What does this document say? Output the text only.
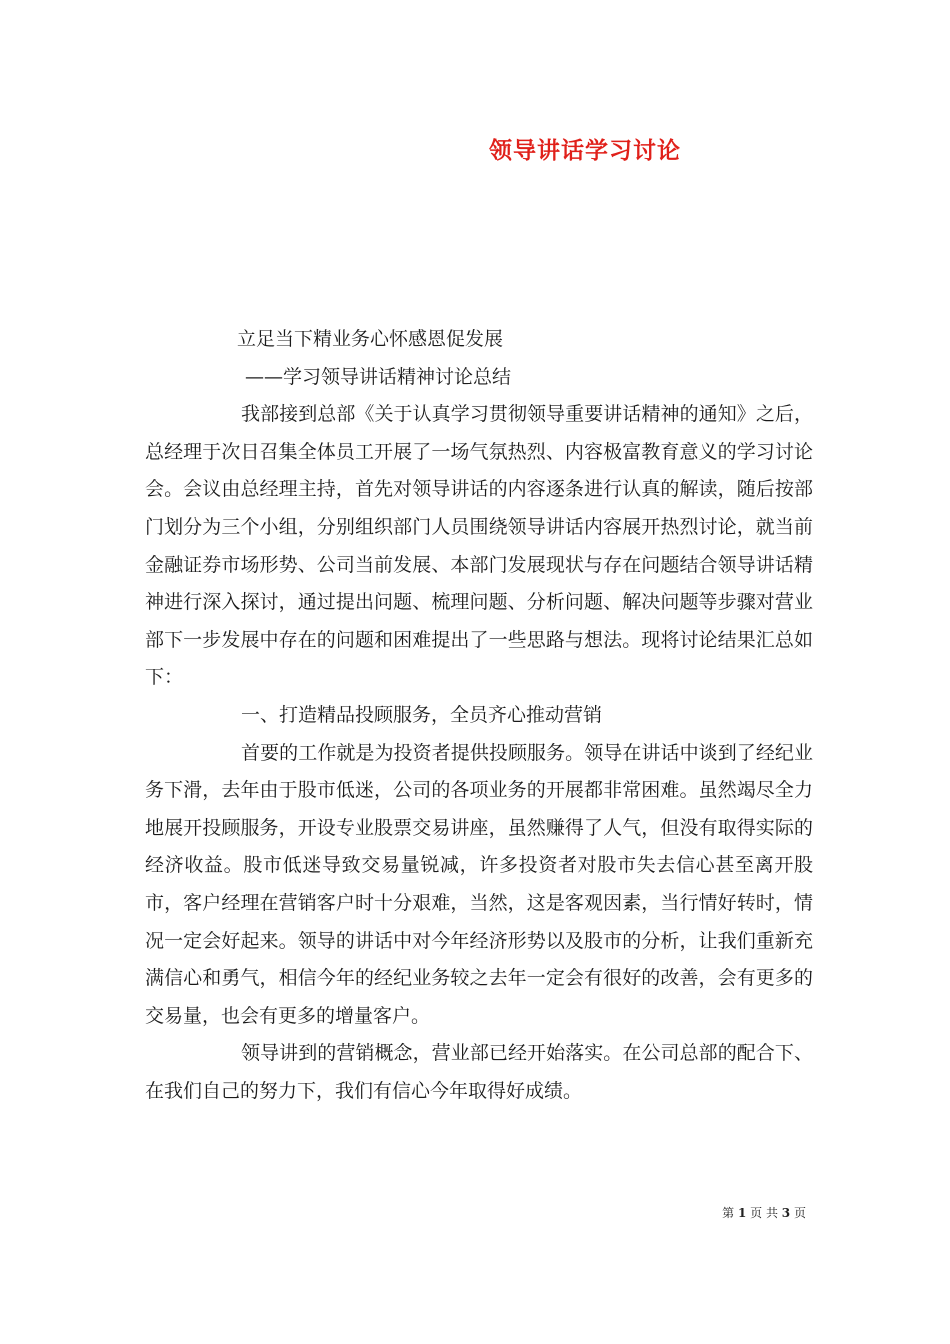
领导讲话学习讨论

立足当下精业务心怀感恩促发展

——学习领导讲话精神讨论总结

我部接到总部《关于认真学习贯彻领导重要讲话精神的通知》之后，总经理于次日召集全体员工开展了一场气氛热烈、内容极富教育意义的学习讨论会。会议由总经理主持，首先对领导讲话的内容逐条进行认真的解读，随后按部门划分为三个小组，分别组织部门人员围绕领导讲话内容展开热烈讨论，就当前金融证券市场形势、公司当前发展、本部门发展现状与存在问题结合领导讲话精神进行深入探讨，通过提出问题、梳理问题、分析问题、解决问题等步骤对营业部下一步发展中存在的问题和困难提出了一些思路与想法。现将讨论结果汇总如下：

一、打造精品投顾服务，全员齐心推动营销

首要的工作就是为投资者提供投顾服务。领导在讲话中谈到了经纪业务下滑，去年由于股市低迷，公司的各项业务的开展都非常困难。虽然竭尽全力地展开投顾服务，开设专业股票交易讲座，虽然赚得了人气，但没有取得实际的经济收益。股市低迷导致交易量锐减，许多投资者对股市失去信心甚至离开股市，客户经理在营销客户时十分艰难，当然，这是客观因素，当行情好转时，情况一定会好起来。领导的讲话中对今年经济形势以及股市的分析，让我们重新充满信心和勇气，相信今年的经纪业务较之去年一定会有很好的改善，会有更多的交易量，也会有更多的增量客户。

领导讲到的营销概念，营业部已经开始落实。在公司总部的配合下、在我们自己的努力下，我们有信心今年取得好成绩。

第 1 页 共 3 页
